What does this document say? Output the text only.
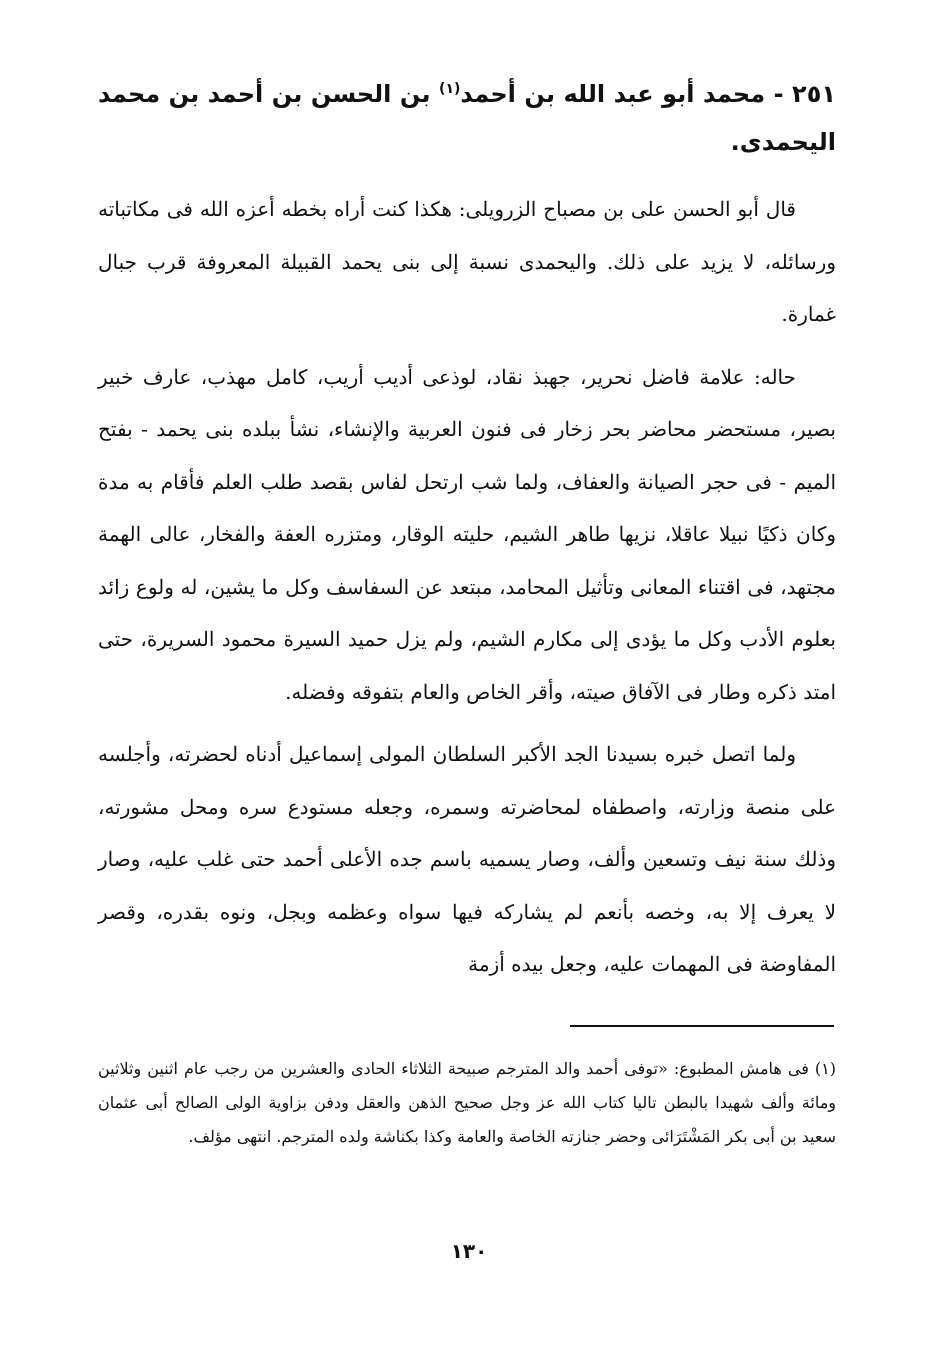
٢٥١ - محمد أبو عبد الله بن أحمد$^{(١)}$ بن الحسن بن أحمد بن محمد اليحمدى.

قال أبو الحسن على بن مصباح الزرويلى: هكذا كنت أراه بخطه أعزه الله فى مكاتباته ورسائله، لا يزيد على ذلك. واليحمدى نسبة إلى بنى يحمد القبيلة المعروفة قرب جبال غمارة.

حاله: علامة فاضل نحرير، جهبذ نقاد، لوذعى أديب أريب، كامل مهذب، عارف خبير بصير، مستحضر محاضر بحر زخار فى فنون العربية والإنشاء، نشأ ببلده بنى يحمد - بفتح الميم - فى حجر الصيانة والعفاف، ولما شب ارتحل لفاس بقصد طلب العلم فأقام به مدة وكان ذكيًا نبيلا عاقلا، نزيها طاهر الشيم، حليته الوقار، ومتزره العفة والفخار، عالى الهمة مجتهد، فى اقتناء المعانى وتأثيل المحامد، مبتعد عن السفاسف وكل ما يشين، له ولوع زائد بعلوم الأدب وكل ما يؤدى إلى مكارم الشيم، ولم يزل حميد السيرة محمود السريرة، حتى امتد ذكره وطار فى الآفاق صيته، وأقر الخاص والعام بتفوقه وفضله.

ولما اتصل خبره بسيدنا الجد الأكبر السلطان المولى إسماعيل أدناه لحضرته، وأجلسه على منصة وزارته، واصطفاه لمحاضرته وسمره، وجعله مستودع سره ومحل مشورته، وذلك سنة نيف وتسعين وألف، وصار يسميه باسم جده الأعلى أحمد حتى غلب عليه، وصار لا يعرف إلا به، وخصه بأنعم لم يشاركه فيها سواه وعظمه وبجل، ونوه بقدره، وقصر المفاوضة فى المهمات عليه، وجعل بيده أزمة

(١) فى هامش المطبوع: «توفى أحمد والد المترجم صبيحة الثلاثاء الحادى والعشرين من رجب عام اثنين وثلاثين ومائة وألف شهيدا بالبطن تاليا كتاب الله عز وجل صحيح الذهن والعقل ودفن بزاوية الولى الصالح أبى عثمان سعيد بن أبى بكر المَشْتَرَائى وحضر جنازته الخاصة والعامة وكذا بكناشة ولده المترجم. انتهى مؤلف.

١٣٠
